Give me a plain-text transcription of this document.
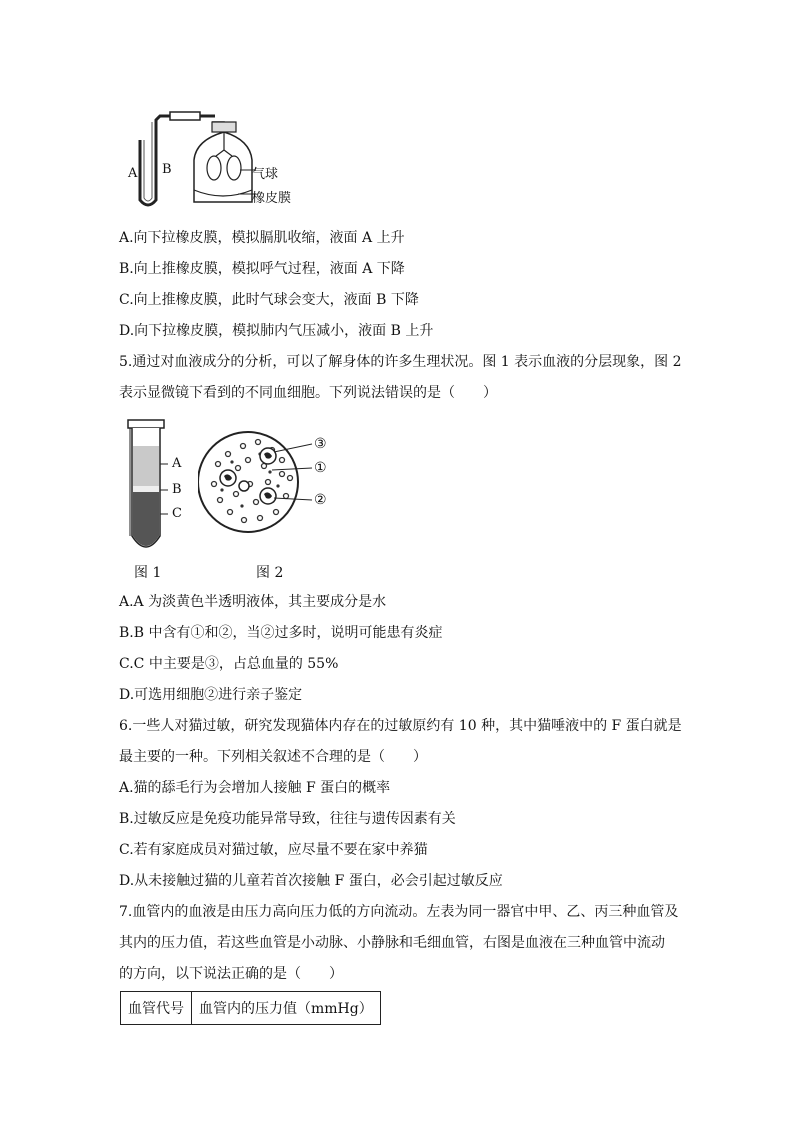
A B	气球
橡皮膜
A.向下拉橡皮膜，模拟膈肌收缩，液面 A 上升
B.向上推橡皮膜，模拟呼气过程，液面 A 下降
C.向上推橡皮膜，此时气球会变大，液面 B 下降
D.向下拉橡皮膜，模拟肺内气压减小，液面 B 上升
5.通过对血液成分的分析，可以了解身体的许多生理状况。图 1 表示血液的分层现象，图 2
表示显微镜下看到的不同血细胞。下列说法错误的是（　　）
A
B
C
③
①
②
图 1	图 2
A.A 为淡黄色半透明液体，其主要成分是水
B.B 中含有①和②，当②过多时，说明可能患有炎症
C.C 中主要是③，占总血量的 55%
D.可选用细胞②进行亲子鉴定
6.一些人对猫过敏，研究发现猫体内存在的过敏原约有 10 种，其中猫唾液中的 F 蛋白就是
最主要的一种。下列相关叙述不合理的是（　　）
A.猫的舔毛行为会增加人接触 F 蛋白的概率
B.过敏反应是免疫功能异常导致，往往与遗传因素有关
C.若有家庭成员对猫过敏，应尽量不要在家中养猫
D.从未接触过猫的儿童若首次接触 F 蛋白，必会引起过敏反应
7.血管内的血液是由压力高向压力低的方向流动。左表为同一器官中甲、乙、丙三种血管及
其内的压力值，若这些血管是小动脉、小静脉和毛细血管，右图是血液在三种血管中流动
的方向，以下说法正确的是（　　）
血管代号	血管内的压力值（mmHg）
